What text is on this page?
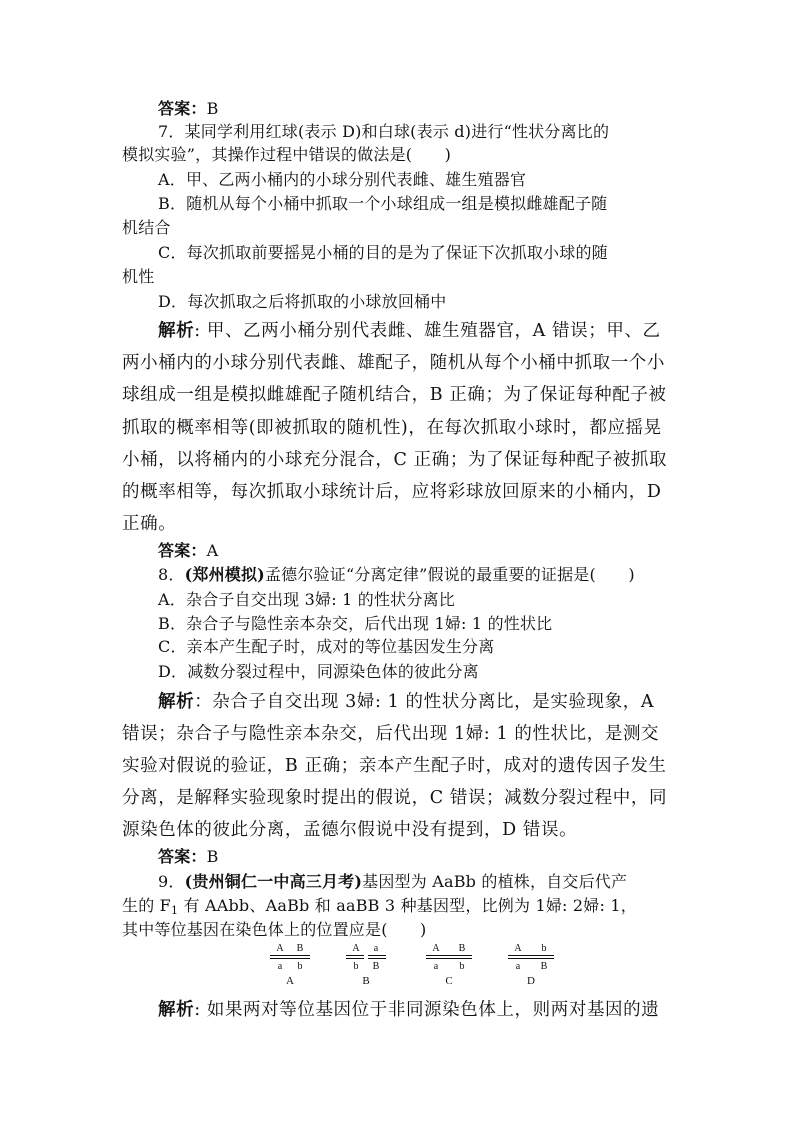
答案：B
7．某同学利用红球(表示 D)和白球(表示 d)进行“性状分离比的
模拟实验”，其操作过程中错误的做法是(　　)
A．甲、乙两小桶内的小球分别代表雌、雄生殖器官
B．随机从每个小桶中抓取一个小球组成一组是模拟雌雄配子随
机结合
C．每次抓取前要摇晃小桶的目的是为了保证下次抓取小球的随
机性
D．每次抓取之后将抓取的小球放回桶中
解析: 甲、乙两小桶分别代表雌、雄生殖器官，A 错误；甲、乙
两小桶内的小球分别代表雌、雄配子，随机从每个小桶中抓取一个小
球组成一组是模拟雌雄配子随机结合，B 正确；为了保证每种配子被
抓取的概率相等(即被抓取的随机性)，在每次抓取小球时，都应摇晃
小桶，以将桶内的小球充分混合，C 正确；为了保证每种配子被抓取
的概率相等，每次抓取小球统计后，应将彩球放回原来的小桶内，D
正确。
答案：A
8．(郑州模拟)孟德尔验证“分离定律”假说的最重要的证据是(　　)
A．杂合子自交出现 3婦: 1 的性状分离比
B．杂合子与隐性亲本杂交，后代出现 1婦: 1 的性状比
C．亲本产生配子时，成对的等位基因发生分离
D．减数分裂过程中，同源染色体的彼此分离
解析：杂合子自交出现 3婦: 1 的性状分离比，是实验现象，A
错误；杂合子与隐性亲本杂交，后代出现 1婦: 1 的性状比，是测交
实验对假说的验证，B 正确；亲本产生配子时，成对的遗传因子发生
分离，是解释实验现象时提出的假说，C 错误；减数分裂过程中，同
源染色体的彼此分离，孟德尔假说中没有提到，D 错误。
答案：B
9．(贵州铜仁一中高三月考)基因型为 AaBb 的植株，自交后代产
生的 $F_1$ 有 AAbb、AaBb 和 aaBB 3 种基因型，比例为 1婦: 2婦: 1，
其中等位基因在染色体上的位置应是(　　)
A B
a	b
A
A	a
b	B
B
A B
a	b
C
A	b
a	B
D
解析: 如果两对等位基因位于非同源染色体上，则两对基因的遗
